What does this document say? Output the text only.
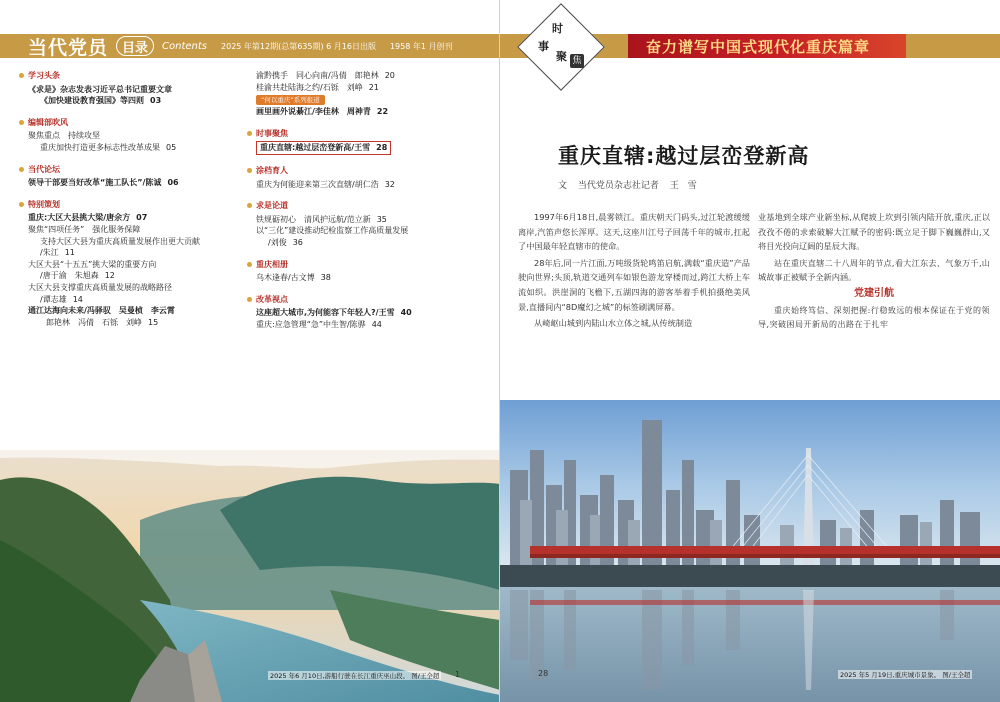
当代党员	目录	Contents 2025 年第12期(总第635期) 6 月16日出版 1958 年1 月创刊
学习头条
《求是》杂志发表习近平总书记重要文章
《加快建设教育强国》等四则 03
编辑部吹风
聚焦重点　持续攻坚
重庆加快打造更多标志性改革成果 05
当代论坛
领导干部要当好改革“施工队长”/陈诚 06
特别策划
重庆:大区大县挑大梁/唐余方 07
聚焦“四项任务”　强化服务保障
支持大区大县为重庆高质量发展作出更大贡献
/朱江 11
大区大县“十五五”挑大梁的重要方向
/唐于渝　朱旭森 12
大区大县支撑重庆高质量发展的战略路径
/谭志雄 14
通江达海向未来/冯驿驭　吴曼桢　李云霄
郎艳林　冯倩　石铄　刘峥 15
渝黔携手　同心向南/冯倩　郎艳林 20
桂渝共赴陆海之约/石铄　刘峥 21
“何以重庆”系列报道
画里画外说綦江/李佳林　周神青 22
时事聚焦
重庆直辖:越过层峦登新高/王雪 28
涂档育人
重庆为何能迎来第三次直辖/胡仁浩 32
求是论道
铁规砺初心　清风护远航/范立新 35
以“三化”建设推动纪检监察工作高质量发展
/刘俊 36
重庆相册
乌木逢春/古文博 38
改革视点
这座超大城市,为何能容下年轻人?/王雪 40
重庆:应急管理“急”中生智/陈骅 44
2025 年6 月10日,游船行驶在长江重庆巫山段。 图/王全超 1
奋力谱写中国式现代化重庆篇章
时
事
聚 焦
重庆直辖:越过层峦登新高
文 当代党员杂志社记者 王　雪

1997年6月18日,晨雾锁江。重庆朝天门码头,过江轮渡缓缓离岸,汽笛声悠长浑厚。这天,这座川江号子回荡千年的城市,扛起了中国最年轻直辖市的使命。

28年后,同一片江面,万吨级货轮鸣笛启航,满载“重庆造”产品驶向世界;头顶,轨道交通列车如银色游龙穿楼而过,跨江大桥上车流如织。洪崖洞的飞檐下,五湖四海的游客举着手机拍摄绝美风景,直播间内“8D魔幻之城”的标签刷满屏幕。

从崎岖山城到内陆山水立体之城,从传统制造

业基地到全球产业新坐标,从爬坡上坎到引领内陆开放,重庆,正以孜孜不倦的求索破解大江赋予的密码:既立足于脚下巍巍群山,又将目光投向辽阔的星辰大海。

站在重庆直辖二十八周年的节点,看大江东去、气象万千,山城故事正被赋予全新内涵。

党建引航

重庆始终笃信、深刻把握:行稳致远的根本保证在于党的领导,突破困局开新局的出路在于扎牢

2025 年5 月19日,重庆城市景象。 图/王全超
28
